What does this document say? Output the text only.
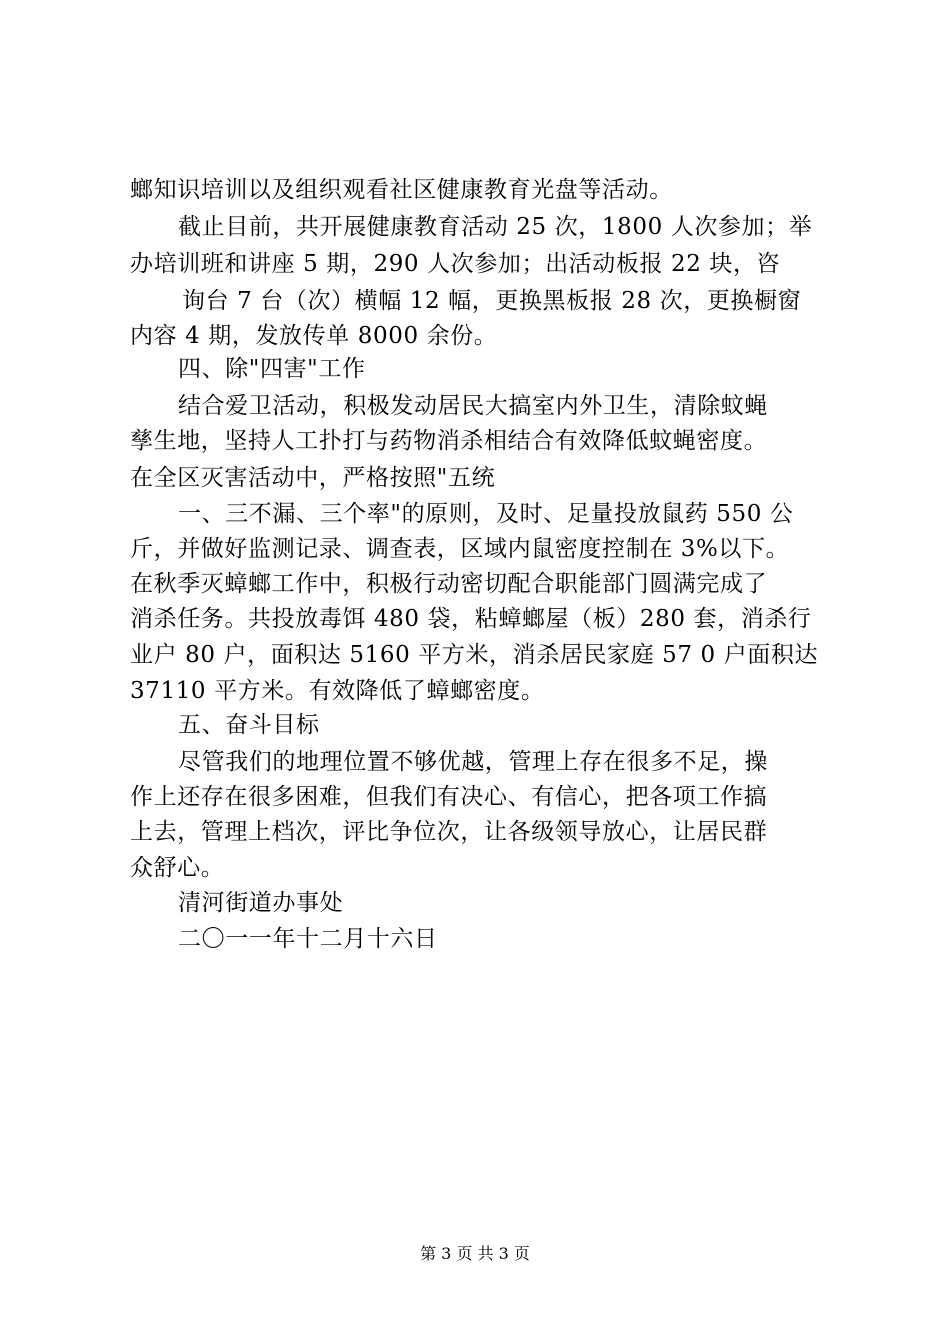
螂知识培训以及组织观看社区健康教育光盘等活动。
截止目前，共开展健康教育活动 25 次，1800 人次参加；举
办培训班和讲座 5 期，290 人次参加；出活动板报 22 块，咨
询台 7 台（次）横幅 12 幅，更换黑板报 28 次，更换橱窗
内容 4 期，发放传单 8000 余份。
四、除"四害"工作
结合爱卫活动，积极发动居民大搞室内外卫生，清除蚊蝇
孳生地，坚持人工扑打与药物消杀相结合有效降低蚊蝇密度。
在全区灭害活动中，严格按照"五统
一、三不漏、三个率"的原则，及时、足量投放鼠药 550 公
斤，并做好监测记录、调查表，区域内鼠密度控制在 3%以下。
在秋季灭蟑螂工作中，积极行动密切配合职能部门圆满完成了
消杀任务。共投放毒饵 480 袋，粘蟑螂屋（板）280 套，消杀行
业户 80 户，面积达 5160 平方米，消杀居民家庭 57 0 户面积达
37110 平方米。有效降低了蟑螂密度。
五、奋斗目标
尽管我们的地理位置不够优越，管理上存在很多不足，操
作上还存在很多困难，但我们有决心、有信心，把各项工作搞
上去，管理上档次，评比争位次，让各级领导放心，让居民群
众舒心。
清河街道办事处
二〇一一年十二月十六日
第 3 页 共 3 页
